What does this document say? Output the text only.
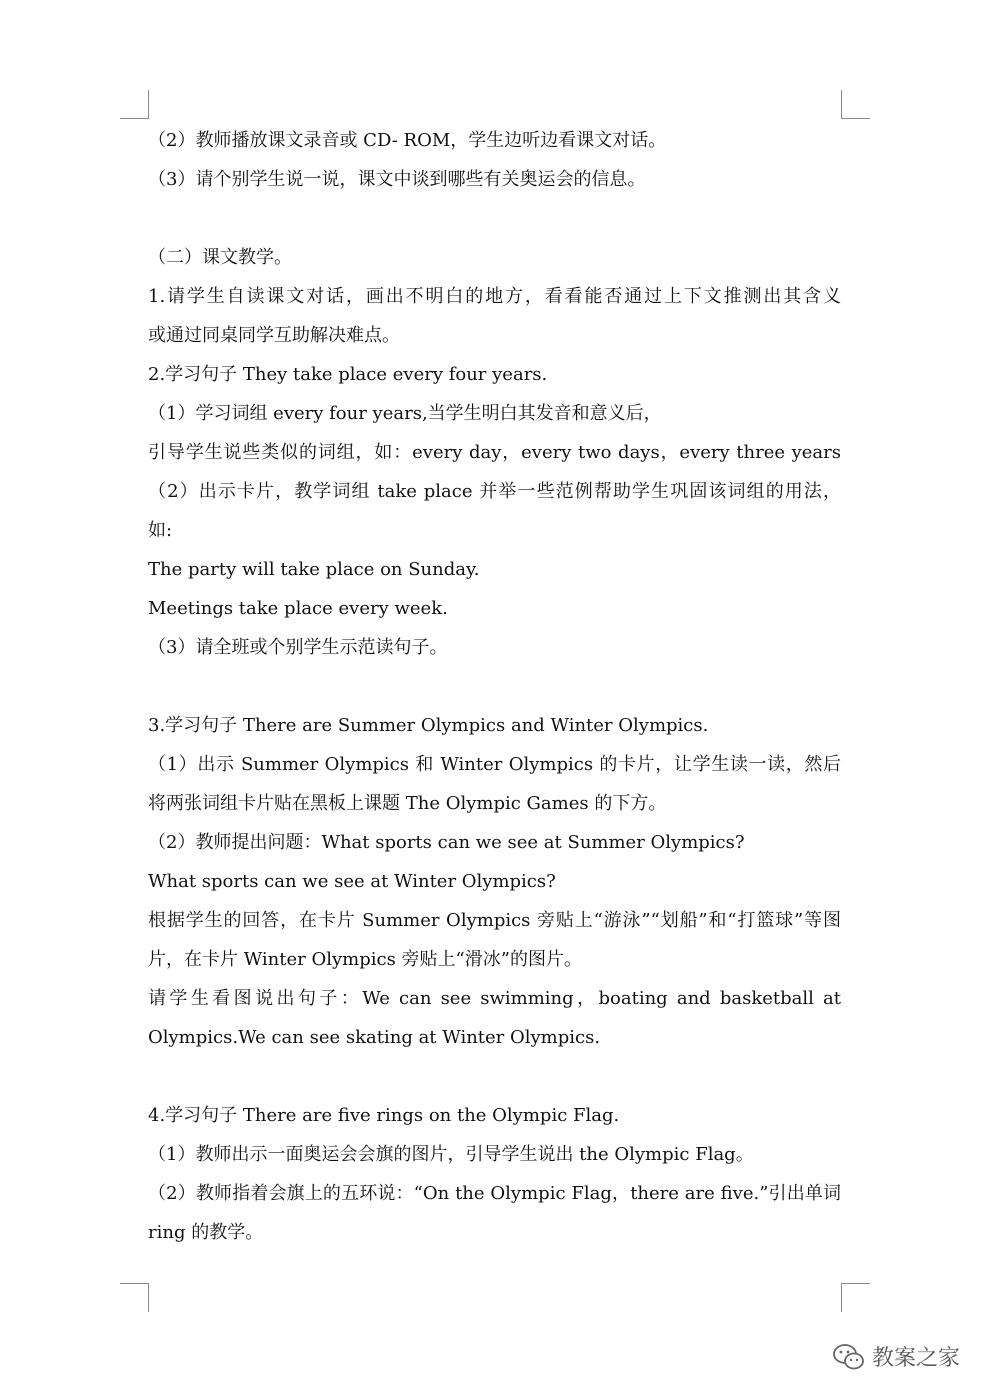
（2）教师播放课文录音或 CD- ROM，学生边听边看课文对话。
（3）请个别学生说一说，课文中谈到哪些有关奥运会的信息。
（二）课文教学。
1.请学生自读课文对话，画出不明白的地方，看看能否通过上下文推测出其含义
或通过同桌同学互助解决难点。
2.学习句子 They take place every four years.
（1）学习词组 every four years,当学生明白其发音和意义后，
引导学生说些类似的词组，如：every day，every two days，every three years
（2）出示卡片，教学词组 take place 并举一些范例帮助学生巩固该词组的用法，
如:
The party will take place on Sunday.
Meetings take place every week.
（3）请全班或个别学生示范读句子。
3.学习句子 There are Summer Olympics and Winter Olympics.
（1）出示 Summer Olympics 和 Winter Olympics 的卡片，让学生读一读，然后
将两张词组卡片贴在黑板上课题 The Olympic Games 的下方。
（2）教师提出问题：What sports can we see at Summer Olympics?
What sports can we see at Winter Olympics?
根据学生的回答，在卡片 Summer Olympics 旁贴上“游泳”“划船”和“打篮球”等图
片，在卡片 Winter Olympics 旁贴上“滑冰”的图片。
请学生看图说出句子：We can see swimming，boating and basketball at
Olympics.We can see skating at Winter Olympics.
4.学习句子 There are five rings on the Olympic Flag.
（1）教师出示一面奥运会会旗的图片，引导学生说出 the Olympic Flag。
（2）教师指着会旗上的五环说：“On the Olympic Flag，there are five.”引出单词
ring 的教学。
教案之家
